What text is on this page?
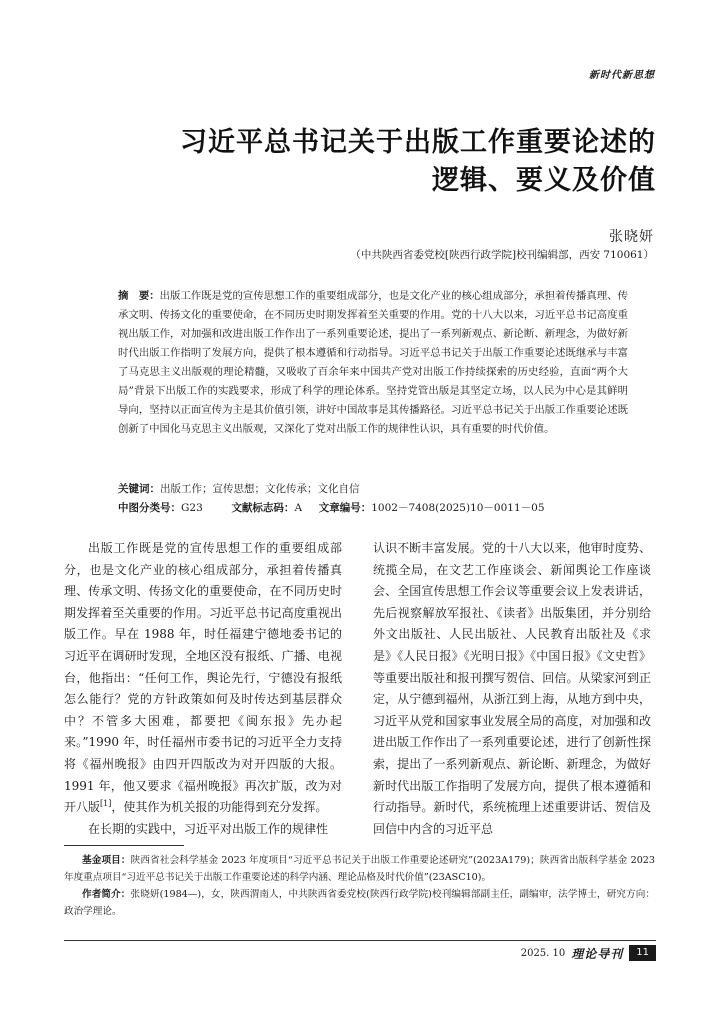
新时代新思想
习近平总书记关于出版工作重要论述的
逻辑、要义及价值
张晓妍
（中共陕西省委党校[陕西行政学院]校刊编辑部，西安 710061）
摘　要：出版工作既是党的宣传思想工作的重要组成部分，也是文化产业的核心组成部分，承担着传播真理、传承文明、传扬文化的重要使命，在不同历史时期发挥着至关重要的作用。党的十八大以来，习近平总书记高度重视出版工作，对加强和改进出版工作作出了一系列重要论述，提出了一系列新观点、新论断、新理念，为做好新时代出版工作指明了发展方向，提供了根本遵循和行动指导。习近平总书记关于出版工作重要论述既继承与丰富了马克思主义出版观的理论精髓，又吸收了百余年来中国共产党对出版工作持续探索的历史经验，直面“两个大局”背景下出版工作的实践要求，形成了科学的理论体系。坚持党管出版是其坚定立场，以人民为中心是其鲜明导向，坚持以正面宣传为主是其价值引领，讲好中国故事是其传播路径。习近平总书记关于出版工作重要论述既创新了中国化马克思主义出版观，又深化了党对出版工作的规律性认识，具有重要的时代价值。
关键词：出版工作；宣传思想；文化传承；文化自信
中图分类号：G23	文献标志码：A 文章编号：1002－7408(2025)10－0011－05

出版工作既是党的宣传思想工作的重要组成部分，也是文化产业的核心组成部分，承担着传播真理、传承文明、传扬文化的重要使命，在不同历史时期发挥着至关重要的作用。习近平总书记高度重视出版工作。早在 1988 年，时任福建宁德地委书记的习近平在调研时发现，全地区没有报纸、广播、电视台，他指出：“任何工作，舆论先行，宁德没有报纸怎么能行？党的方针政策如何及时传达到基层群众中？不管多大困难，都要把《闽东报》先办起来。”1990 年，时任福州市委书记的习近平全力支持将《福州晚报》由四开四版改为对开四版的大报。1991 年，他又要求《福州晚报》再次扩版，改为对开八版[1]，使其作为机关报的功能得到充分发挥。

在长期的实践中，习近平对出版工作的规律性

认识不断丰富发展。党的十八大以来，他审时度势、统揽全局，在文艺工作座谈会、新闻舆论工作座谈会、全国宣传思想工作会议等重要会议上发表讲话，先后视察解放军报社、《读者》出版集团，并分别给外文出版社、人民出版社、人民教育出版社及《求是》《人民日报》《光明日报》《中国日报》《文史哲》等重要出版社和报刊撰写贺信、回信。从梁家河到正定，从宁德到福州，从浙江到上海，从地方到中央，习近平从党和国家事业发展全局的高度，对加强和改进出版工作作出了一系列重要论述，进行了创新性探索，提出了一系列新观点、新论断、新理念，为做好新时代出版工作指明了发展方向，提供了根本遵循和行动指导。新时代，系统梳理上述重要讲话、贺信及回信中内含的习近平总

基金项目：陕西省社会科学基金 2023 年度项目“习近平总书记关于出版工作重要论述研究”(2023A179)；陕西省出版科学基金 2023 年度重点项目“习近平总书记关于出版工作重要论述的科学内涵、理论品格及时代价值”(23ASC10)。

作者简介：张晓妍(1984—)，女，陕西渭南人，中共陕西省委党校(陕西行政学院)校刊编辑部副主任，副编审，法学博士，研究方向：政治学理论。

2025. 10 理论导刊	11
